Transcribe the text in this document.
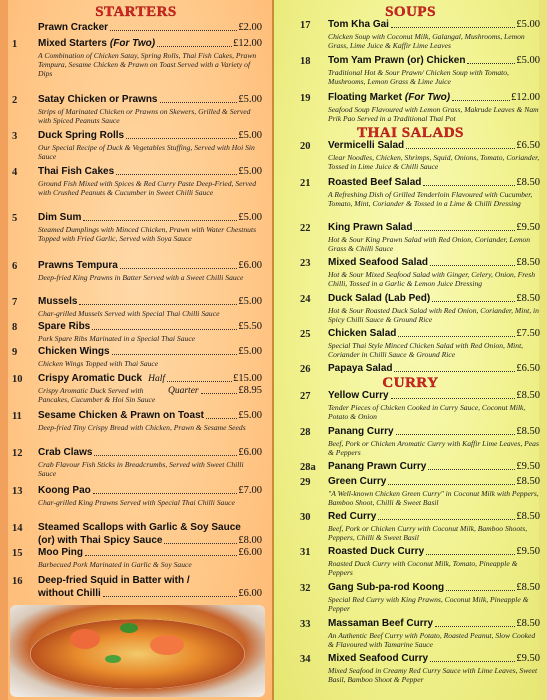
STARTERS
Prawn Cracker	£2.00
1 Mixed Starters (For Two)	£12.00
A Combination of Chicken Satay, Spring Rolls, Thai Fish Cakes, Prawn Tempura, Sesame Chicken & Prawn on Toast Served with a Variety of Dips
2 Satay Chicken or Prawns	£5.00
Strips of Marinated Chicken or Prawns on Skewers, Grilled & Served with Spiced Peanuts Sauce
3 Duck Spring Rolls	£5.00
Our Special Recipe of Duck & Vegetables Stuffing, Served with Hoi Sin Sauce
4 Thai Fish Cakes	£5.00
Ground Fish Mixed with Spices & Red Curry Paste Deep-Fried, Served with Crushed Peanuts & Cucumber in Sweet Chilli Sauce
5 Dim Sum	£5.00
Steamed Dumplings with Minced Chicken, Prawn with Water Chestnuts Topped with Fried Garlic, Served with Soya Sauce
6 Prawns Tempura	£6.00
Deep-fried King Prawns in Batter Served with a Sweet Chilli Sauce
7 Mussels	£5.00
Char-grilled Mussels Served with Special Thai Chilli Sauce
8 Spare Ribs	£5.50
Pork Spare Ribs Marinated in a Special Thai Sauce
9 Chicken Wings	£5.00
Chicken Wings Topped with Thai Sauce
10 Crispy Aromatic Duck Half	£15.00
Quarter	£8.95
Crispy Aromatic Duck Served with Pancakes, Cucumber & Hoi Sin Sauce
11 Sesame Chicken & Prawn on Toast	£5.00
Deep-fried Tiny Crispy Bread with Chicken, Prawn & Sesame Seeds
12 Crab Claws	£6.00
Crab Flavour Fish Sticks in Breadcrumbs, Served with Sweet Chilli Sauce
13 Koong Pao	£7.00
Char-grilled King Prawns Served with Special Thai Chilli Sauce
14 Steamed Scallops with Garlic & Soy Sauce
(or) with Thai Spicy Sauce	£8.00
15 Moo Ping	£6.00
Barbecued Pork Marinated in Garlic & Soy Sauce
16 Deep-fried Squid in Batter with /
without Chilli	£6.00
SOUPS
THAI SALADS
CURRY
17 Tom Kha Gai	£5.00
Chicken Soup with Coconut Milk, Galangal, Mushrooms, Lemon Grass, Lime Juice & Kaffir Lime Leaves
18 Tom Yam Prawn (or) Chicken	£5.00
Traditional Hot & Sour Prawn/ Chicken Soup with Tomato, Mushrooms, Lemon Grass & Lime Juice
19 Floating Market (For Two)	£12.00
Seafood Soup Flavoured with Lemon Grass, Makrude Leaves & Nam Prik Pao Served in a Traditional Thai Pot
20 Vermicelli Salad	£6.50
Clear Noodles, Chicken, Shrimps, Squid, Onions, Tomato, Coriander, Tossed in Lime Juice & Chilli Sauce
21 Roasted Beef Salad	£8.50
A Refreshing Dish of Grilled Tenderloin Flavoured with Cucumber, Tomato, Mint, Coriander & Tossed in a Lime & Chilli Dressing
22 King Prawn Salad	£9.50
Hot & Sour King Prawn Salad with Red Onion, Coriander, Lemon Grass & Chilli Sauce
23 Mixed Seafood Salad	£8.50
Hot & Sour Mixed Seafood Salad with Ginger, Celery, Onion, Fresh Chilli, Tossed in a Garlic & Lemon Juice Dressing
24 Duck Salad (Lab Ped)	£8.50
Hot & Sour Roasted Duck Salad with Red Onion, Coriander, Mint, in Spicy Chilli Sauce & Ground Rice
25 Chicken Salad	£7.50
Special Thai Style Minced Chicken Salad with Red Onion, Mint, Coriander in Chilli Sauce & Ground Rice
26 Papaya Salad	£6.50
27 Yellow Curry	£8.50
Tender Pieces of Chicken Cooked in Curry Sauce, Coconut Milk, Potato & Onion
28 Panang Curry	£8.50
Beef, Pork or Chicken Aromatic Curry with Kaffir Lime Leaves, Peas & Peppers
28a Panang Prawn Curry	£9.50
29 Green Curry	£8.50
"A Well-known Chicken Green Curry" in Coconut Milk with Peppers, Bamboo Shoot, Chilli & Sweet Basil
30 Red Curry	£8.50
Beef, Pork or Chicken Curry with Coconut Milk, Bamboo Shoots, Peppers, Chilli & Sweet Basil
31 Roasted Duck Curry	£9.50
Roasted Duck Curry with Coconut Milk, Tomato, Pineapple & Peppers
32 Gang Sub-pa-rod Koong	£8.50
Special Red Curry with King Prawns, Coconut Milk, Pineapple & Pepper
33 Massaman Beef Curry	£8.50
An Authentic Beef Curry with Potato, Roasted Peanut, Slow Cooked & Flavoured with Tamarine Sauce
34 Mixed Seafood Curry	£9.50
Mixed Seafood in Creamy Red Curry Sauce with Lime Leaves, Sweet Basil, Bamboo Shoot & Pepper
